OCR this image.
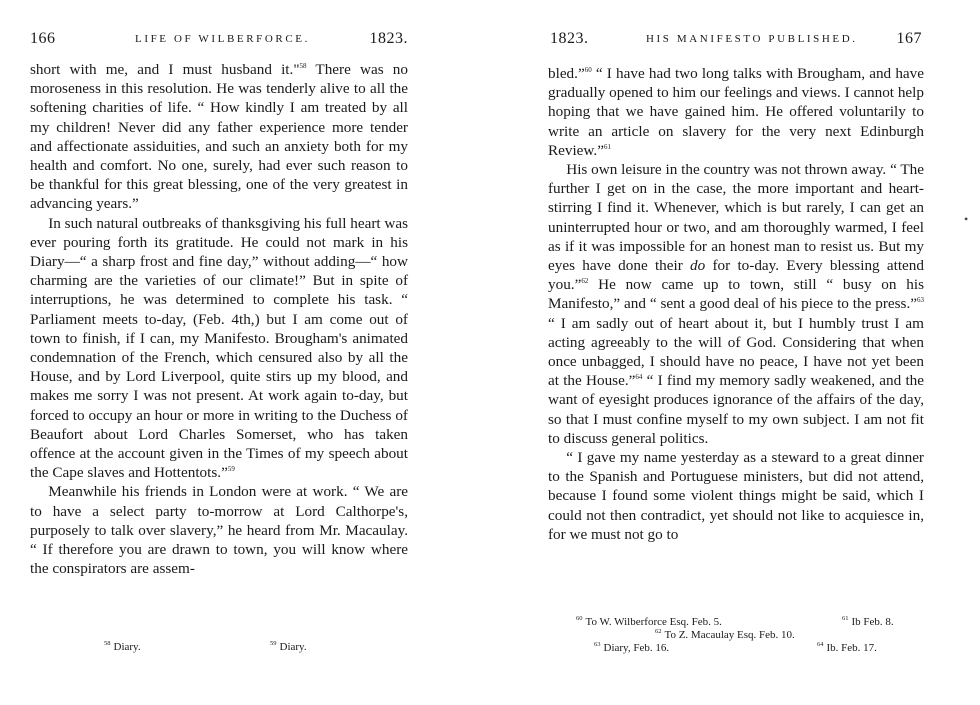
166	LIFE OF WILBERFORCE.	1823.

short with me, and I must husband it."$^{58}$ There was no moroseness in this resolution. He was tenderly alive to all the softening charities of life. “ How kindly I am treated by all my children! Never did any father experience more tender and affectionate assiduities, and such an anxiety both for my health and comfort. No one, surely, had ever such reason to be thankful for this great blessing, one of the very greatest in advancing years.”

In such natural outbreaks of thanksgiving his full heart was ever pouring forth its gratitude. He could not mark in his Diary—“ a sharp frost and fine day,” without adding—“ how charming are the varieties of our climate!” But in spite of interruptions, he was determined to complete his task. “ Parliament meets to-day, (Feb. 4th,) but I am come out of town to finish, if I can, my Manifesto. Brougham's animated condemnation of the French, which censured also by all the House, and by Lord Liverpool, quite stirs up my blood, and makes me sorry I was not present. At work again to-day, but forced to occupy an hour or more in writing to the Duchess of Beaufort about Lord Charles Somerset, who has taken offence at the account given in the Times of my speech about the Cape slaves and Hottentots.”$^{59}$

Meanwhile his friends in London were at work. “ We are to have a select party to-morrow at Lord Calthorpe's, purposely to talk over slavery,” he heard from Mr. Macaulay. “ If therefore you are drawn to town, you will know where the conspirators are assem-

$^{58}$ Diary.	$^{59}$ Diary.
1823.	HIS MANIFESTO PUBLISHED. 167

bled.”$^{60}$ “ I have had two long talks with Brougham, and have gradually opened to him our feelings and views. I cannot help hoping that we have gained him. He offered voluntarily to write an article on slavery for the very next Edinburgh Review.”$^{61}$

His own leisure in the country was not thrown away. “ The further I get on in the case, the more important and heart-stirring I find it. Whenever, which is but rarely, I can get an uninterrupted hour or two, and am thoroughly warmed, I feel as if it was impossible for an honest man to resist us. But my eyes have done their do for to-day. Every blessing attend you.”$^{62}$ He now came up to town, still “ busy on his Manifesto,” and “ sent a good deal of his piece to the press.”$^{63}$ “ I am sadly out of heart about it, but I humbly trust I am acting agreeably to the will of God. Considering that when once unbagged, I should have no peace, I have not yet been at the House.”$^{64}$ “ I find my memory sadly weakened, and the want of eyesight produces ignorance of the affairs of the day, so that I must confine myself to my own subject. I am not fit to discuss general politics.

“ I gave my name yesterday as a steward to a great dinner to the Spanish and Portuguese ministers, but did not attend, because I found some violent things might be said, which I could not then contradict, yet should not like to acquiesce in, for we must not go to

$^{60}$ To W. Wilberforce Esq. Feb. 5.	$^{61}$ Ib Feb. 8.
$^{62}$ To Z. Macaulay Esq. Feb. 10.
$^{63}$ Diary, Feb. 16.	$^{64}$ Ib. Feb. 17.
•
